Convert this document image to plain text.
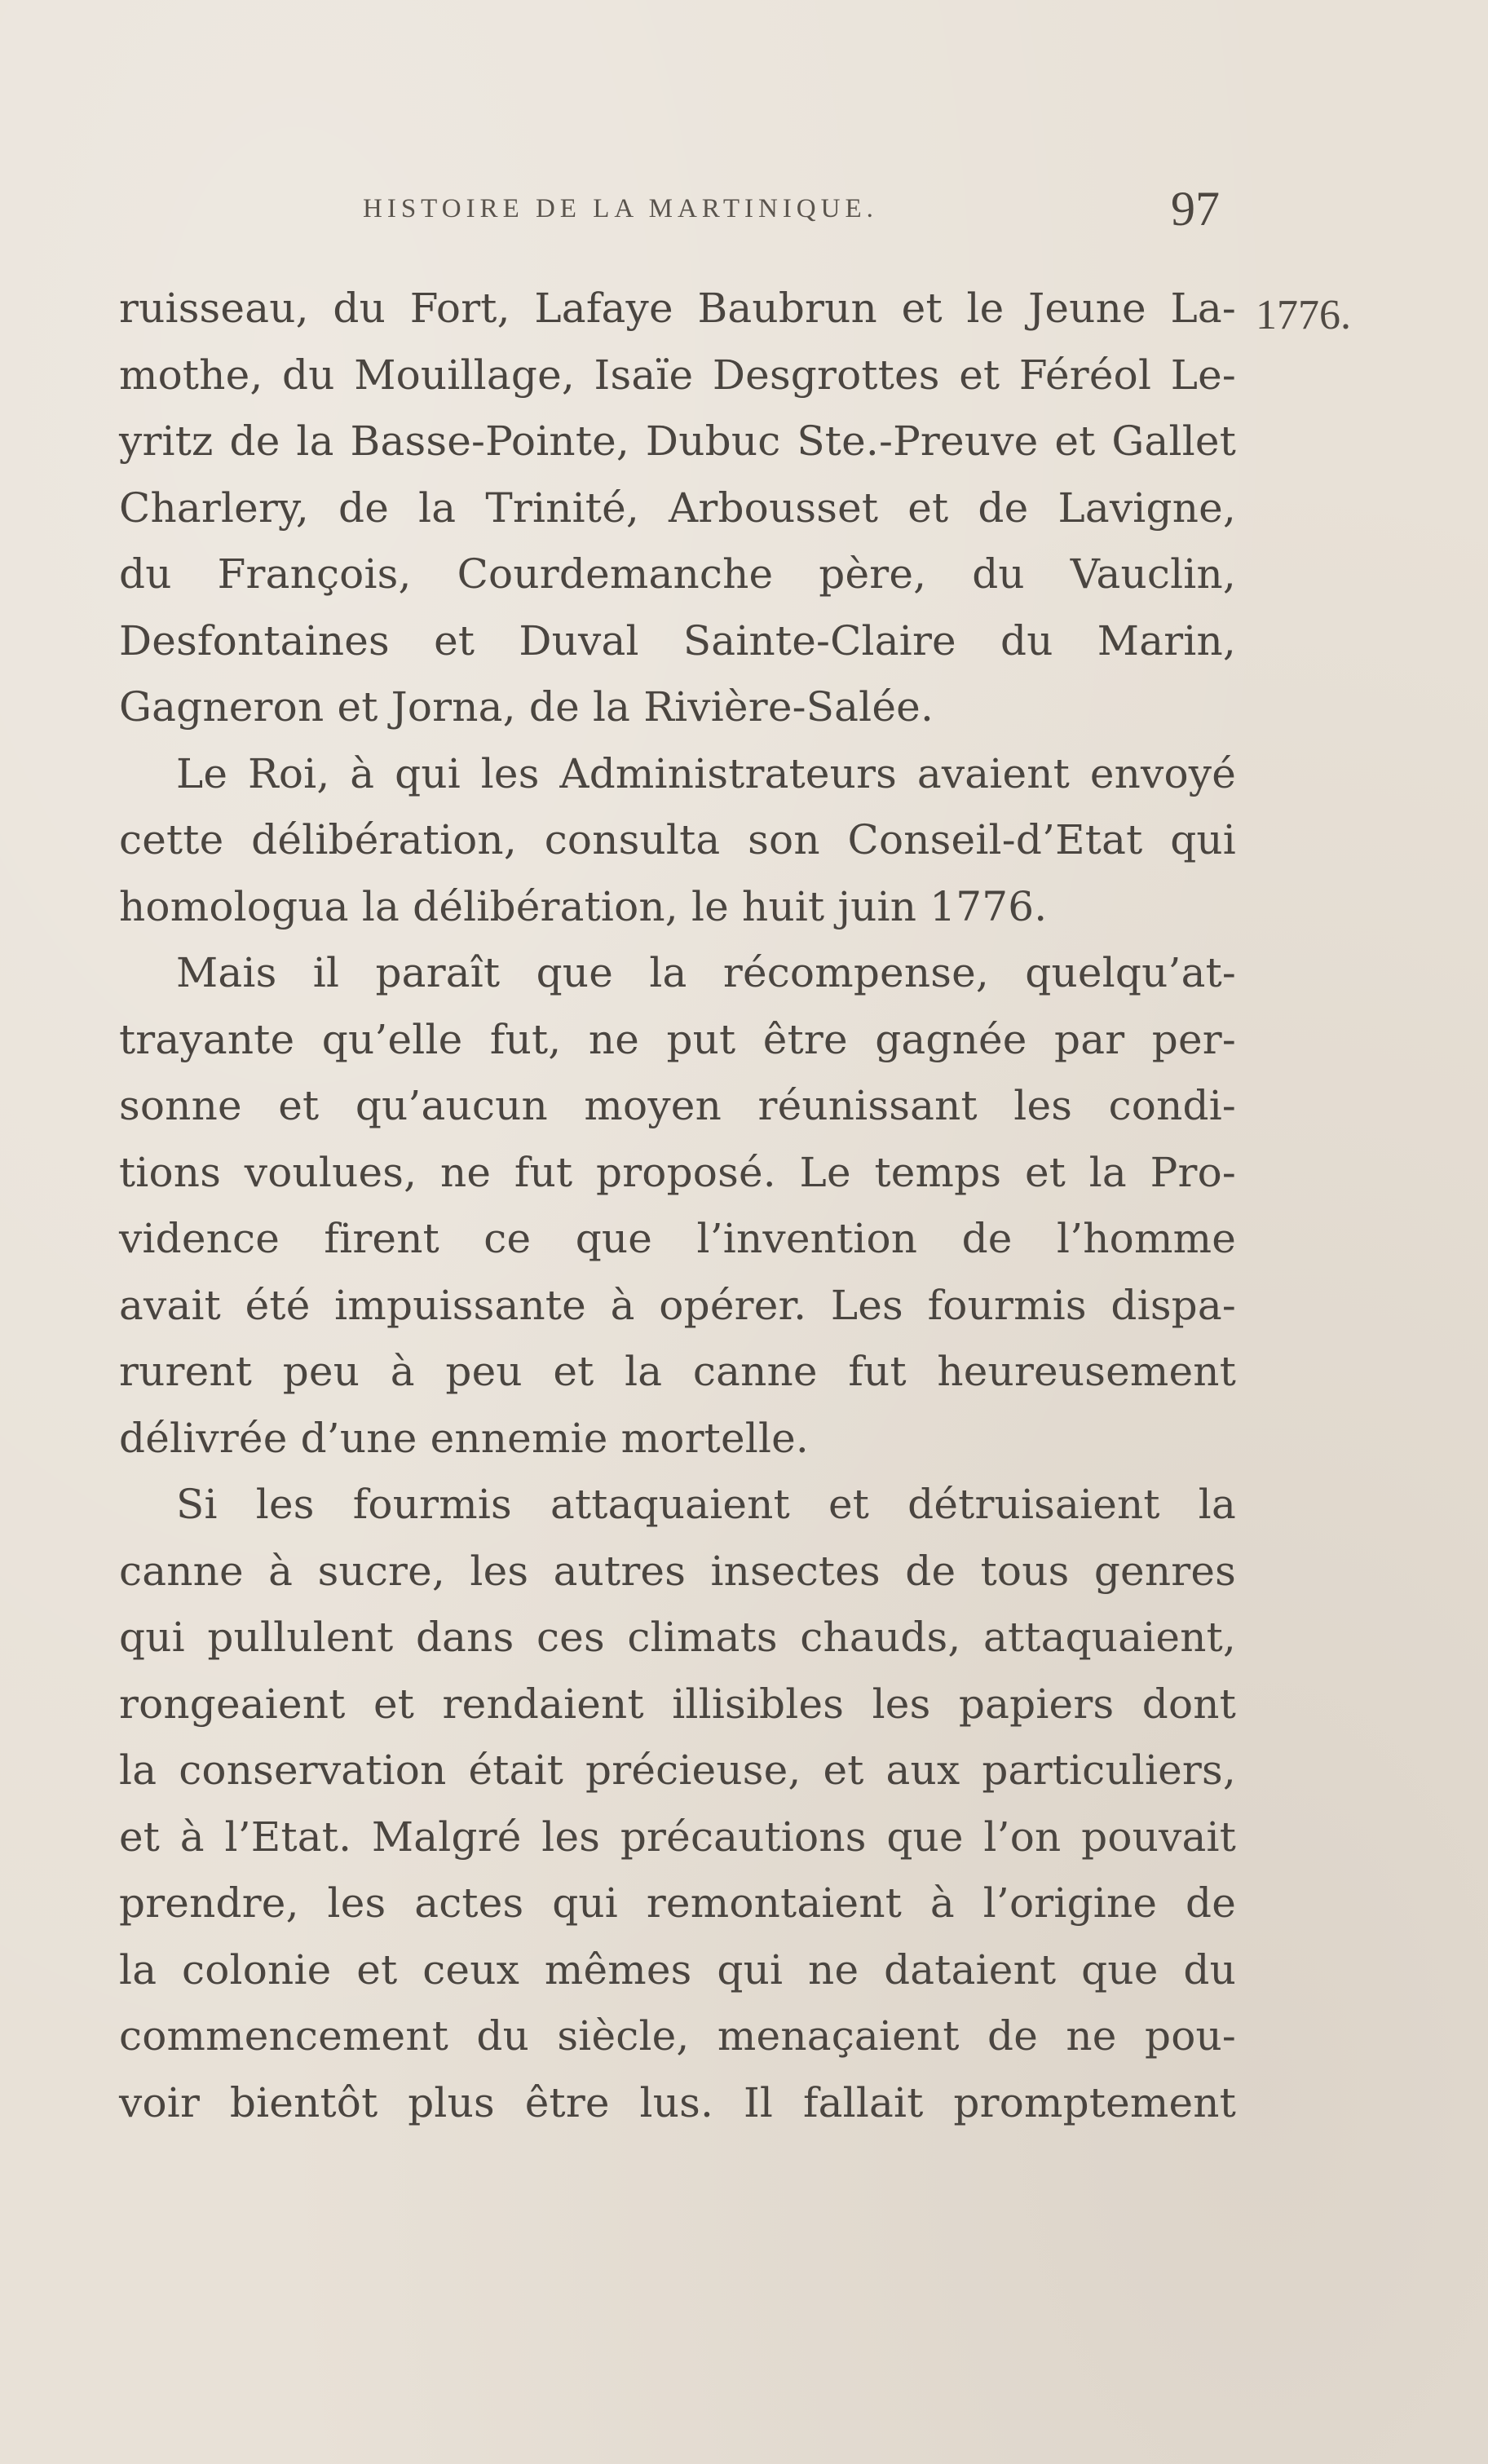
HISTOIRE DE LA MARTINIQUE.	97
1776.
ruisseau, du Fort, Lafaye Baubrun et le Jeune La-
mothe, du Mouillage, Isaïe Desgrottes et Féréol Le-
yritz de la Basse-Pointe, Dubuc Ste.-Preuve et Gallet
Charlery, de la Trinité, Arbousset et de Lavigne,
du François, Courdemanche père, du Vauclin,
Desfontaines et Duval Sainte-Claire du Marin,
Gagneron et Jorna, de la Rivière-Salée.
Le Roi, à qui les Administrateurs avaient envoyé
cette délibération, consulta son Conseil-d’Etat qui
homologua la délibération, le huit juin 1776.
Mais il paraît que la récompense, quelqu’at-
trayante qu’elle fut, ne put être gagnée par per-
sonne et qu’aucun moyen réunissant les condi-
tions voulues, ne fut proposé. Le temps et la Pro-
vidence firent ce que l’invention de l’homme
avait été impuissante à opérer. Les fourmis dispa-
rurent peu à peu et la canne fut heureusement
délivrée d’une ennemie mortelle.
Si les fourmis attaquaient et détruisaient la
canne à sucre, les autres insectes de tous genres
qui pullulent dans ces climats chauds, attaquaient,
rongeaient et rendaient illisibles les papiers dont
la conservation était précieuse, et aux particuliers,
et à l’Etat. Malgré les précautions que l’on pouvait
prendre, les actes qui remontaient à l’origine de
la colonie et ceux mêmes qui ne dataient que du
commencement du siècle, menaçaient de ne pou-
voir bientôt plus être lus. Il fallait promptement
